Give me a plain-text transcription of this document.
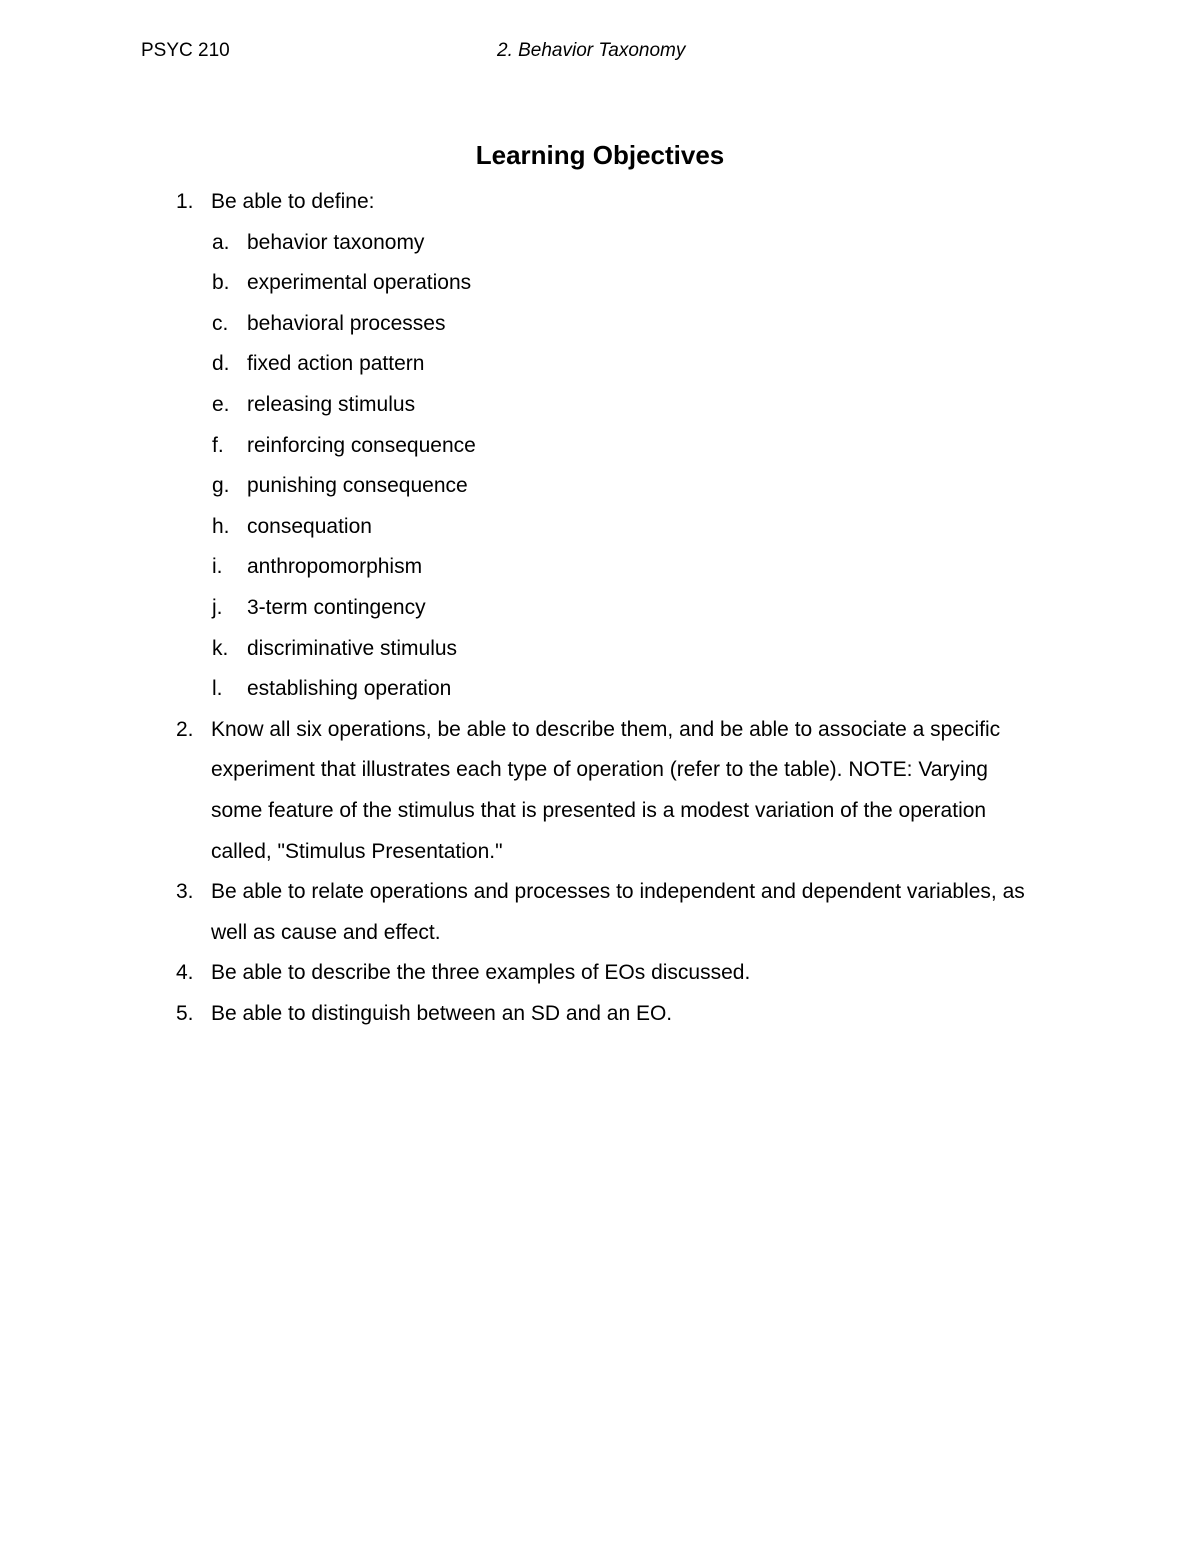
PSYC 210	2. Behavior Taxonomy
Learning Objectives
1. Be able to define:
a. behavior taxonomy
b. experimental operations
c. behavioral processes
d. fixed action pattern
e. releasing stimulus
f. reinforcing consequence
g. punishing consequence
h. consequation
i. anthropomorphism
j. 3-term contingency
k. discriminative stimulus
l. establishing operation
2. Know all six operations, be able to describe them, and be able to associate a specific experiment that illustrates each type of operation (refer to the table). NOTE: Varying some feature of the stimulus that is presented is a modest variation of the operation called, "Stimulus Presentation."
3. Be able to relate operations and processes to independent and dependent variables, as well as cause and effect.
4. Be able to describe the three examples of EOs discussed.
5. Be able to distinguish between an SD and an EO.
